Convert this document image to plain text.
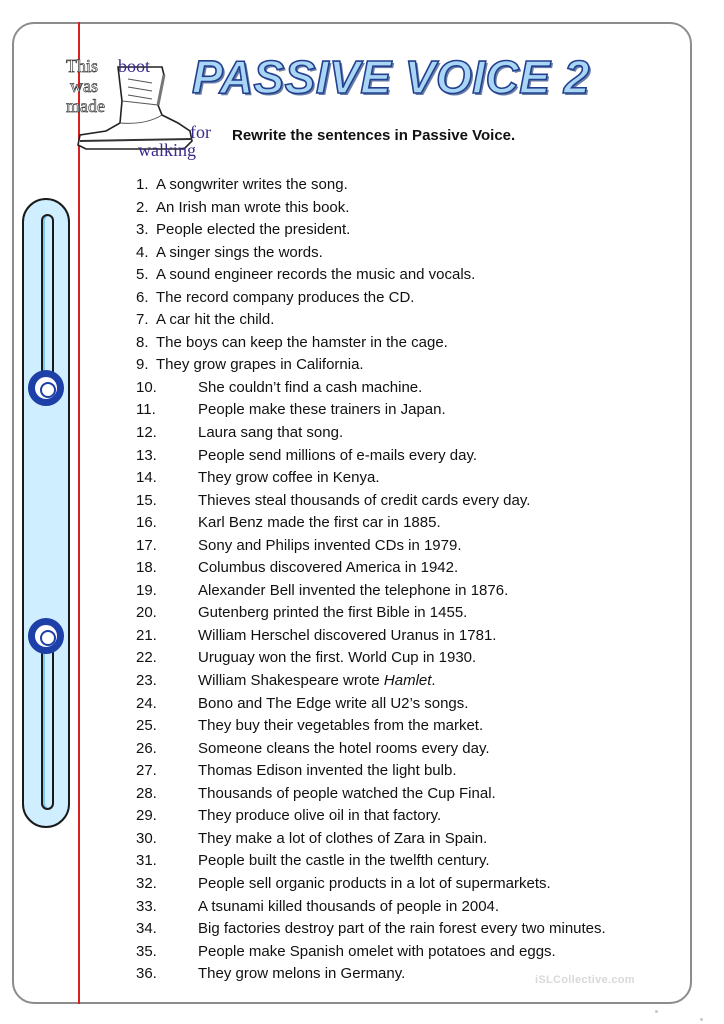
This boot
was
made
for
walking
PASSIVE VOICE 2
Rewrite the sentences in Passive Voice.
1. A songwriter writes the song.
2. An Irish man wrote this book.
3. People elected the president.
4. A singer sings the words.
5. A sound engineer records the music and vocals.
6. The record company produces the CD.
7. A car hit the child.
8. The boys can keep the hamster in the cage.
9. They grow grapes in California.
10.	She couldn’t find a cash machine.
11.	People make these trainers in Japan.
12.	Laura sang that song.
13.	People send millions of e-mails every day.
14.	They grow coffee in Kenya.
15.	Thieves steal thousands of credit cards every day.
16.	Karl Benz made the first car in 1885.
17.	Sony and Philips invented CDs in 1979.
18.	Columbus discovered America in 1942.
19.	Alexander Bell invented the telephone in 1876.
20.	Gutenberg printed the first Bible in 1455.
21.	William Herschel discovered Uranus in 1781.
22.	Uruguay won the first. World Cup in 1930.
23.	William Shakespeare wrote Hamlet.
24.	Bono and The Edge write all U2’s songs.
25.	They buy their vegetables from the market.
26.	Someone cleans the hotel rooms every day.
27.	Thomas Edison invented the light bulb.
28.	Thousands of people watched the Cup Final.
29.	They produce olive oil in that factory.
30.	They make a lot of clothes of Zara in Spain.
31.	People built the castle in the twelfth century.
32.	People sell organic products in a lot of supermarkets.
33.	A tsunami killed thousands of people in 2004.
34.	Big factories destroy part of the rain forest every two minutes.
35.	People make Spanish omelet with potatoes and eggs.
36.	They grow melons in Germany.	iSLCollective.com
